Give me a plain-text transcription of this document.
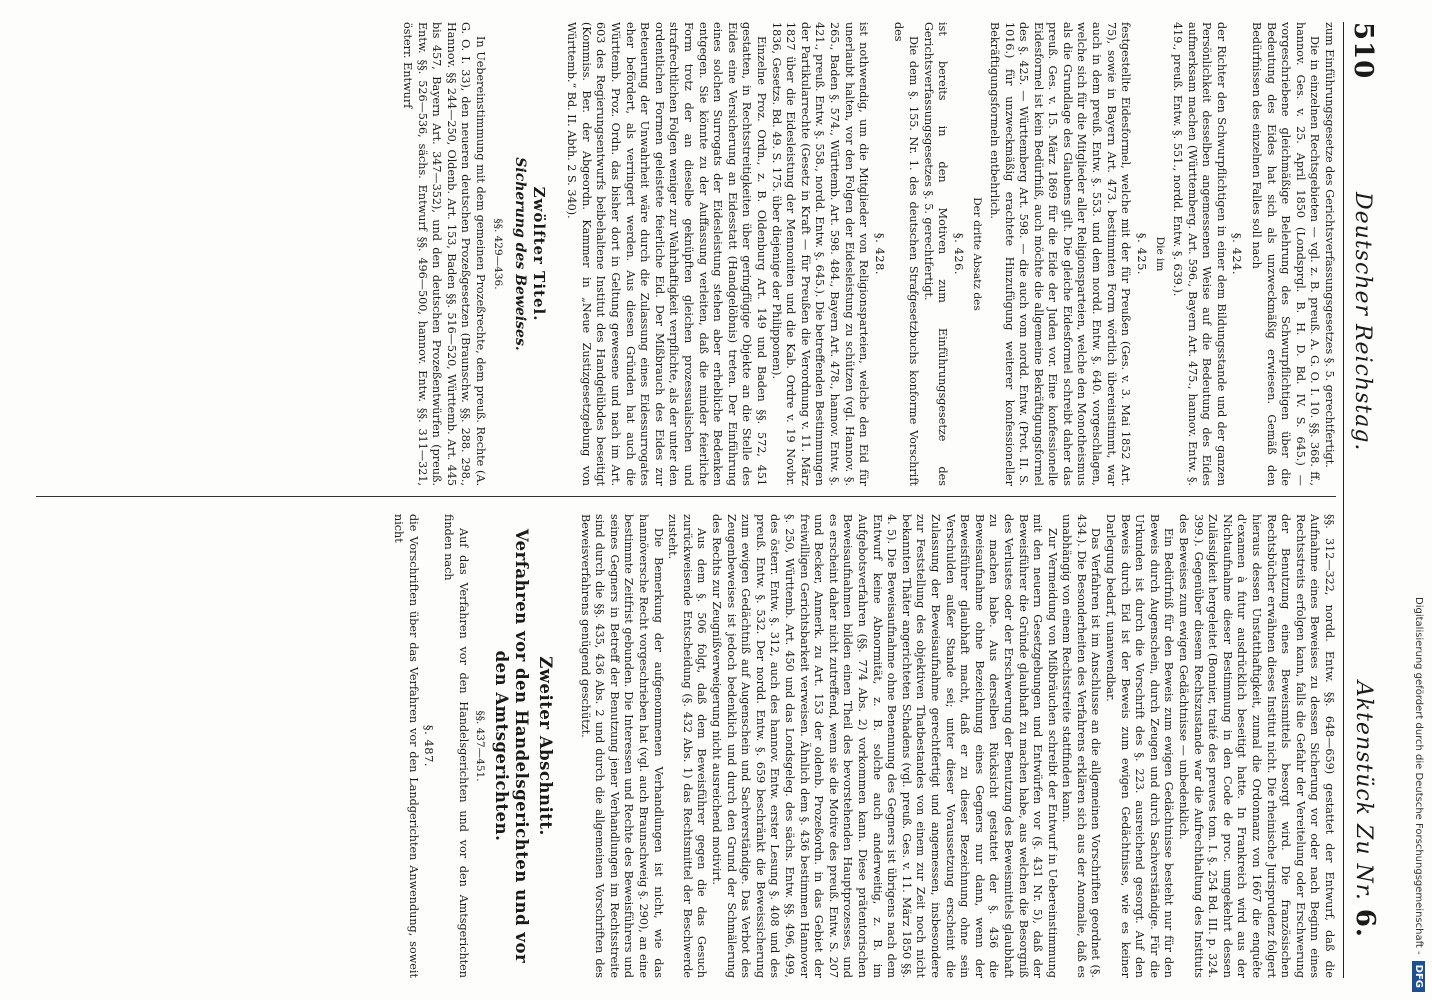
Digitalisierung gefördert durch die Deutsche Forschungsgemeinschaft -
DFG
510
Deutscher Reichstag.
Aktenstück Zu Nr. 6.

zum Einführungsgesetze des Gerichtsverfassungsgesetzes §. 5. gerechtfertigt.

Die in einzelnen Rechtsgebieten — vgl. z. B. preuß. A. G. O. I. 10. §§. 368. ff., hannov. Ges. v. 25. April 1850 (Londsprgl. B. H. D. Bd. IV. S. 645.) — vorgeschriebene gleichmäßige Belehrung des Schwurpflichtigen über die Bedeutung des Eides hat sich als unzweckmäßig erwiesen. Gemäß den Bedürfnissen des einzelnen Falles soll nach

§. 424.

der Richter den Schwurpflichtigen in einer dem Bildungsstande und der ganzen Persönlichkeit desselben angemessenen Weise auf die Bedeutung des Eides aufmerksam machen (Württemberg. Art. 596., Bayern Art. 475., hannov. Entw. §. 419., preuß. Entw. §. 551., nordd. Entw. §. 639.).

Die im
§. 425.

festgestellte Eidesformel, welche mit der für Preußen (Ges. v. 3. Mai 1852 Art. 75), sowie in Bayern Art. 473. bestimmten Form wörtlich übereinstimmt, war auch in dem preuß. Entw. §. 553. und dem nordd. Entw. §. 640. vorgeschlagen, welche sich für die Mitglieder aller Religionsparteien, welche den Monotheismus als die Grundlage des Glaubens gilt. Die gleiche Eidesformel schreibt daher das preuß. Ges. v. 15. März 1869 für die Eide der Juden vor. Eine konfessionelle Eidesformel ist kein Bedürfniß, auch möchte die allgemeine Bekräftigungsformel des §. 425. — Württemberg Art. 598. — die auch vom nordd. Entw. (Prot. II. S. 1016.) für unzweckmäßig erachtete Hinzufügung weiterer konfessioneller Bekräftigungsformeln entbehrlich.

Der dritte Absatz des
§. 426.

ist bereits in den Motiven zum Einführungsgesetze des Gerichtsverfassungsgesetzes §. 5. gerechtfertigt.

Die dem §. 155. Nr. 1. des deutschen Strafgesetzbuchs konforme Vorschrift des

§. 428.

ist nothwendig, um die Mitglieder von Religionsparteien, welche den Eid für unerlaubt halten, vor den Folgen der Eidesleistung zu schützen (vgl. Hannov. §. 265., Baden §. 574., Württemb. Art. 598. 484., Bayern Art. 478., hannov. Entw. §. 421., preuß. Entw. §. 558., nordd. Entw. §. 645.). Die betreffenden Bestimmungen der Partikularrechte (Gesetz in Kraft — für Preußen die Verordnung v. 11. März 1827 über die Eidesleistung der Mennoniten und die Kab. Ordre v. 19 Novbr. 1836, Gesetzs. Bd. 49. S. 175. über diejenige der Philipponen).

Einzelne Proz. Ordn., z. B. Oldenburg Art. 149 und Baden §§. 572, 451 gestatten, in Rechtsstreitigkeiten über geringfügige Objekte an die Stelle des Eides eine Versicherung an Eidesstatt (Handgelöbnis) treten. Der Einführung eines solchen Surrogats der Eidesleistung stehen aber erhebliche Bedenken entgegen. Sie könnte zu der Auffassung verleiten, daß die minder feierliche Form trotz der an dieselbe geknüpften gleichen prozessualischen und strafrechtlichen Folgen weniger zur Wahrhaftigkeit verpflichte, als der unter den ordentlichen Formen geleistete feierliche Eid. Der Mißbrauch des Eides zur Beteuerung der Unwahrheit wäre durch die Zulassung eines Eidessurrogates eher befördert, als verringert werden. Aus diesen Gründen hat auch die Württemb. Proz. Ordn. das bisher dort in Geltung gewesene und nach im Art. 603 des Regierungsentwurfs beibehaltene Institut des Handgelübdes beseitigt (Kommiss. Ber. der Abgeordn. Kammer in „Neue Zustizgesetzgebung von Württemb.“ Bd. II. Abth. 2 S. 340).

Zwölfter Titel.
Sicherung des Beweises.
§§. 429—436.

In Uebereinstimmung mit dem gemeinen Prozeßrechte, dem preuß. Rechte (A. G. O. I. 33), den neueren deutschen Prozeßgesetzen (Braunschw. §§. 288. 298., Hannov. §§ 244—250, Oldenb. Art. 153, Baden §§. 516—520, Württemb. Art. 445 bis 457, Bayern Art. 347—352), und den deutschen Prozeßentwürfen (preuß. Entw. §§. 526—536, sächs. Entwurf §§. 496—500, hannov. Entw. §§. 311—321, österr. Entwurf

§§. 312—322, nordd. Entw. §§. 648—659) gestattet der Entwurf, daß die Aufnahme eines Beweises zu dessen Sicherung vor oder nach Beginn eines Rechtsstreits erfolgen kann, falls die Gefahr der Vereitelung oder Erschwerung der Benutzung eines Beweismittels besorgt wird. Die französischen Rechtsbücher erwähnen dieses Institut nicht. Die rheinische Jurisprudenz folgert hieraus dessen Unstatthaftigkeit, zumal die Ordonnanz von 1667 die enquête d'examen à futur ausdrücklich beseitigt hatte. In Frankreich wird aus der Nichtaufnahme dieser Bestimmung in den Code de proc. umgekehrt dessen Zulässigkeit hergeleitet (Bonnier, traité des preuves tom. I. §. 254 Bd. III. p. 324. 399.). Gegenüber diesem Rechtszustande war die Aufrechthaltung des Instituts des Beweises zum ewigen Gedächtnisse — unbedenklich.

Ein Bedürfniß für den Beweis zum ewigen Gedächtnisse besteht nur für den Beweis durch Augenschein, durch Zeugen und durch Sachverständige. Für die Urkunden ist durch die Vorschrift des §. 223. ausreichend gesorgt. Auf den Beweis durch Eid ist der Beweis zum ewigen Gedächtnisse, wie es keiner Darlegung bedarf, unanwendbar.

Das Verfahren ist im Anschlusse an die allgemeinen Vorschriften geordnet (§. 434.). Die Besonderheiten des Verfahrens erklären sich aus der Anomalie, daß es unabhängig von einem Rechtsstreite stattfinden kann.

Zur Vermeidung von Mißbräuchen schreibt der Entwurf in Uebereinstimmung mit den neuern Gesetzgebungen und Entwürfen vor (§. 431 Nr. 5), daß der Beweisführer die Gründe glaubhaft zu machen habe, aus welchen die Besorgniß des Verlustes oder der Erschwerung der Benutzung des Beweismittels glaubhaft zu machen habe. Aus derselben Rücksicht gestattet der §. 436 die Beweisaufnahme ohne Bezeichnung eines Gegners nur dann, wenn der Beweisführer glaubhaft macht, daß er zu dieser Bezeichnung ohne sein Verschulden außer Stande sei; unter dieser Voraussetzung erscheint die Zulassung der Beweisaufnahme gerechtfertigt und angemessen, insbesondere zur Feststellung des objektiven Thatbestandes von einem zur Zeit noch nicht bekannten Thäter angerichteten Schadens (vgl. preuß. Ges. v. 11. März 1850 §§. 4. 5). Die Beweisaufnahme ohne Benennung des Gegners ist übrigens nach dem Entwurf keine Abnormität, z. B. solche auch anderweitig, z. B. im Aufgebotsverfahren (§§. 774 Abs. 2) vorkommen kann. Diese prätentorischen Beweisaufnahmen bilden einen Theil des bevorstehenden Hauptprozesses, und es erscheint daher nicht zutreffend, wenn sie die Motive des preuß. Entw. S. 207 und Becker, Anmerk. zu Art. 153 der oldenb. Prozeßordn. in das Gebiet der freiwilligen Gerichtsbarkeit verweisen. Ähnlich dem §. 436 bestimmen Hannover §. 250, Württemb. Art. 450 und das Londsgeleg. des sächs. Entw. §§. 496, 499, des österr. Entw. §. 312, auch des hannov. Entw. erster Lesung §. 408 und des preuß. Entw. §. 532. Der nordd. Entw. §. 659 beschränkt die Beweissicherung zum ewigen Gedächtniß auf Augenschein und Sachverständige. Das Verbot des Zeugenbeweises ist jedoch bedenklich und durch den Grund der Schmälerung des Rechts zur Zeugnißverweigerung nicht ausreichend motivirt.

Aus dem §. 506 folgt, daß dem Beweisführer gegen die das Gesuch zurückweisende Entscheidung (§. 432 Abs. 1) das Rechtsmittel der Beschwerde zusteht.

Die Bemerkung der aufgenommenen Verhandlungen ist nicht, wie das hannöversche Recht vorgeschrieben hat (vgl. auch Braunschweig §. 290), an eine bestimmte Zeitfrist gebunden. Die Interessen und Rechte des Beweisführers und seines Gegners in Betreff der Benutzung jener Verhandlungen im Rechtsstreite sind durch die §§. 435, 436 Abs. 2 und durch die allgemeinen Vorschriften des Beweisverfahrens genügend geschützt.

Zweiter Abschnitt.
Verfahren vor den Handelsgerichten und vor den Amtsgerichten.
§§. 437—451.

Auf das Verfahren vor den Handelsgerichten und vor den Amtsgerichten finden nach

§. 487.

die Vorschriften über das Verfahren vor den Landgerichten Anwendung, soweit nicht
